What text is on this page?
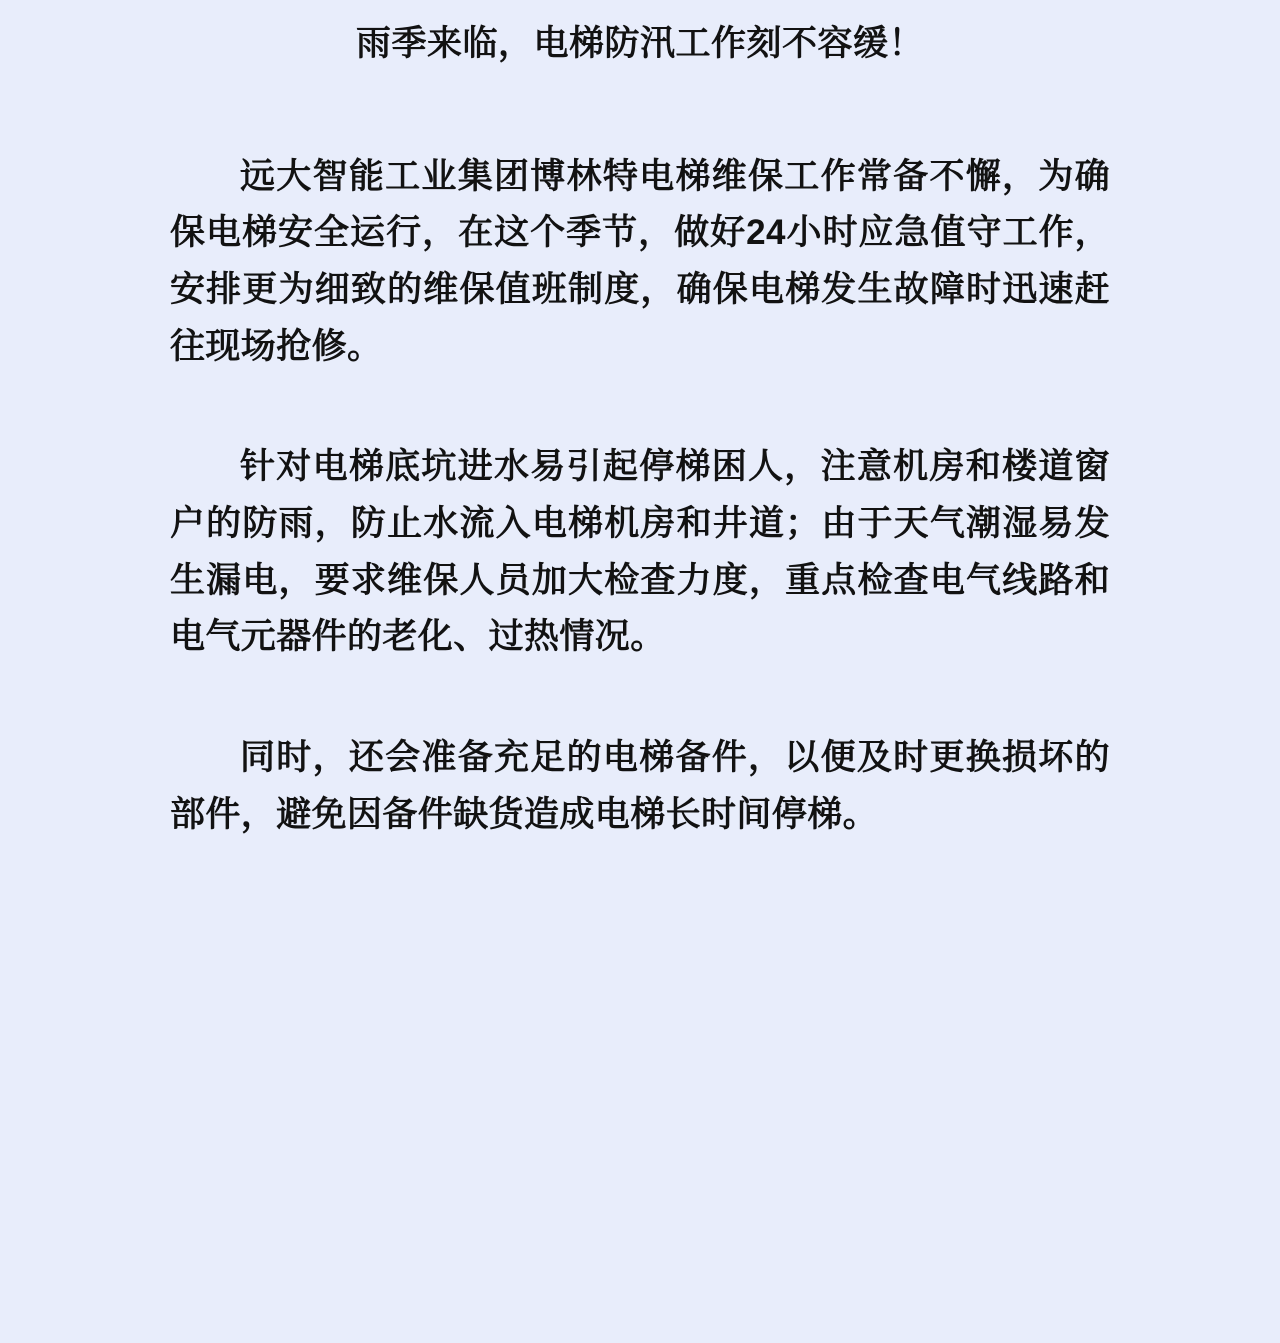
雨季来临，电梯防汛工作刻不容缓！

远大智能工业集团博林特电梯维保工作常备不懈，为确保电梯安全运行，在这个季节，做好24小时应急值守工作，安排更为细致的维保值班制度，确保电梯发生故障时迅速赶往现场抢修。

针对电梯底坑进水易引起停梯困人，注意机房和楼道窗户的防雨，防止水流入电梯机房和井道；由于天气潮湿易发生漏电，要求维保人员加大检查力度，重点检查电气线路和电气元器件的老化、过热情况。

同时，还会准备充足的电梯备件，以便及时更换损坏的部件，避免因备件缺货造成电梯长时间停梯。
